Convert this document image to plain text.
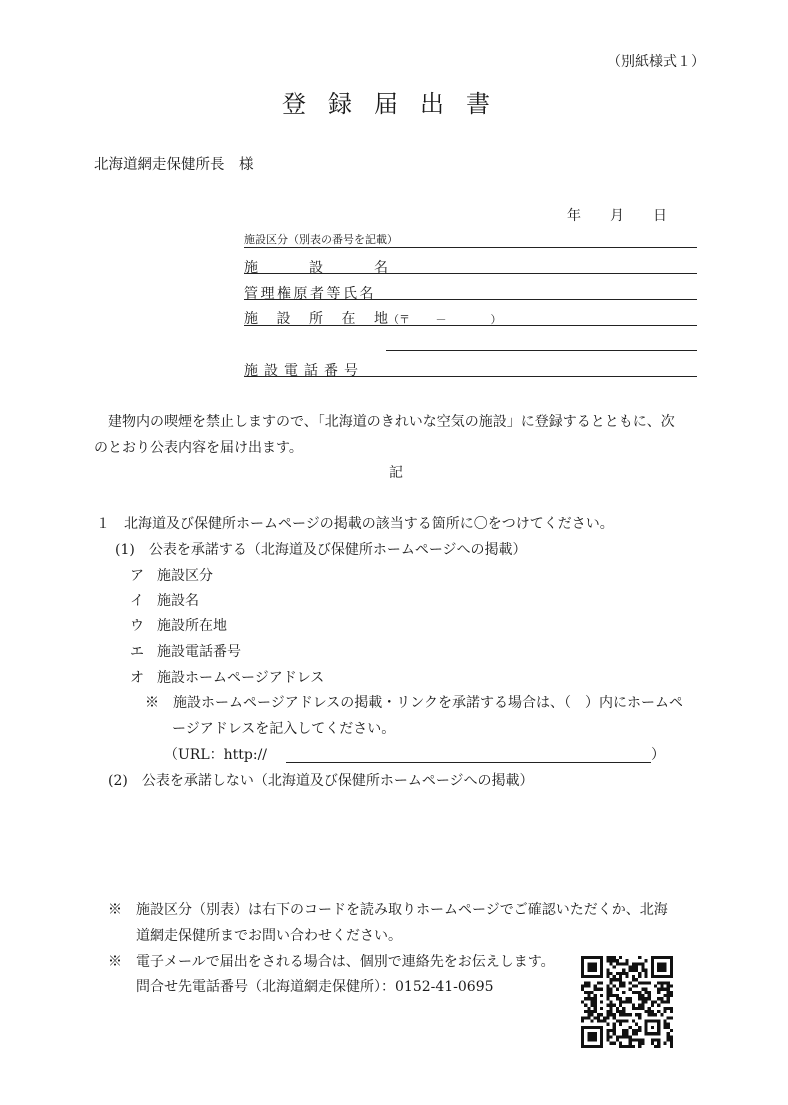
（別紙様式１）
登録届出書
北海道網走保健所長　様
年 月 日
施設区分（別表の番号を記載）
施	設	名
管理権原者等氏名
施 設 所 在 地 （〒　　 －　　　　）
施設電話番号
建物内の喫煙を禁止しますので、「北海道のきれいな空気の施設」に登録するとともに、次
のとおり公表内容を届け出ます。
記
１　北海道及び保健所ホームページの掲載の該当する箇所に〇をつけてください。
(1)　公表を承諾する（北海道及び保健所ホームページへの掲載）
ア 施設区分
イ 施設名
ウ 施設所在地
エ 施設電話番号
オ 施設ホームページアドレス
※　施設ホームページアドレスの掲載・リンクを承諾する場合は、（　）内にホームペ
ージアドレスを記入してください。
（URL：http://	）
(2)　公表を承諾しない（北海道及び保健所ホームページへの掲載）
※　施設区分（別表）は右下のコードを読み取りホームページでご確認いただくか、北海
道網走保健所までお問い合わせください。
※　電子メールで届出をされる場合は、個別で連絡先をお伝えします。
問合せ先電話番号（北海道網走保健所）：0152-41-0695
